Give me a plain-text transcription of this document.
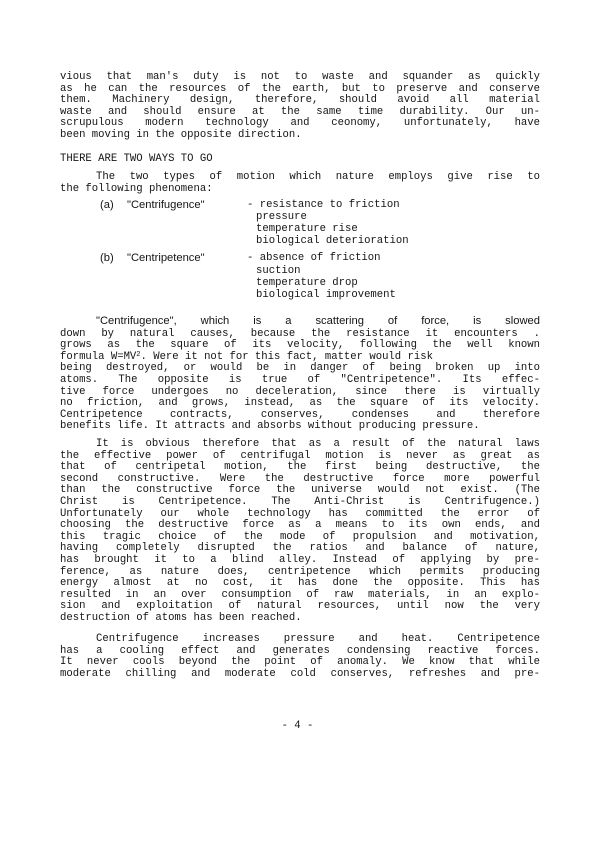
vious that man's duty is not to waste and squander as quickly
as he can the resources of the earth, but to preserve and conserve
them. Machinery design, therefore, should avoid all material
waste and should ensure at the same time durability. Our un-
scrupulous modern technology and ceonomy, unfortunately, have
been moving in the opposite direction.
THERE ARE TWO WAYS TO GO
The two types of motion which nature employs give rise to
the following phenomena:
(a) "Centrifugence"	- resistance to friction
pressure
temperature rise
biological deterioration
(b) "Centripetence"	- absence of friction
suction
temperature drop
biological improvement
"Centrifugence", which is a scattering of force, is slowed
down by natural causes, because the resistance it encounters .
grows as the square of its velocity, following the well known
formula $W=MV^2$. Were it not for this fact, matter would risk
being destroyed, or would be in danger of being broken up into
atoms. The opposite is true of "Centripetence". Its effec-
tive force undergoes no deceleration, since there is virtually
no friction, and grows, instead, as the square of its velocity.
Centripetence contracts, conserves, condenses and therefore
benefits life. It attracts and absorbs without producing pressure.
It is obvious therefore that as a result of the natural laws
the effective power of centrifugal motion is never as great as
that of centripetal motion, the first being destructive, the
second constructive. Were the destructive force more powerful
than the constructive force the universe would not exist. (The
Christ is Centripetence. The Anti-Christ is Centrifugence.)
Unfortunately our whole technology has committed the error of
choosing the destructive force as a means to its own ends, and
this tragic choice of the mode of propulsion and motivation,
having completely disrupted the ratios and balance of nature,
has brought it to a blind alley. Instead of applying by pre-
ference, as nature does, centripetence which permits producing
energy almost at no cost, it has done the opposite. This has
resulted in an over consumption of raw materials, in an explo-
sion and exploitation of natural resources, until now the very
destruction of atoms has been reached.
Centrifugence increases pressure and heat. Centripetence
has a cooling effect and generates condensing reactive forces.
It never cools beyond the point of anomaly. We know that while
moderate chilling and moderate cold conserves, refreshes and pre-
- 4 -
